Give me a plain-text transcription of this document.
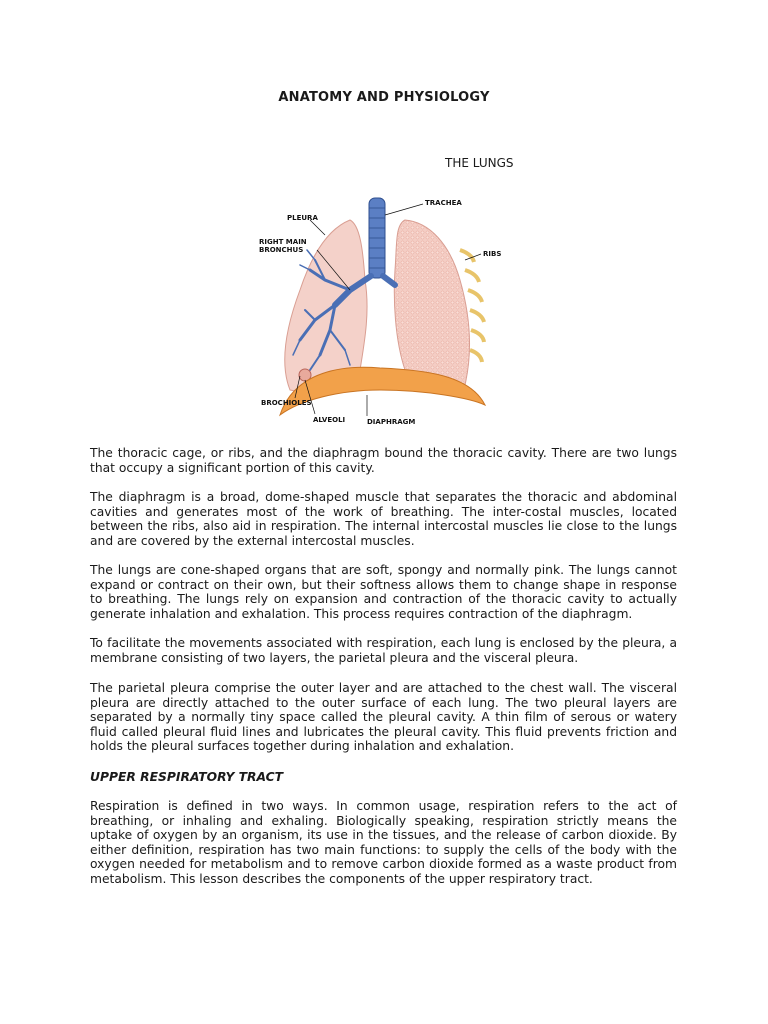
ANATOMY AND PHYSIOLOGY
THE LUNGS
TRACHEA
PLEURA
RIGHT MAIN
BRONCHUS	RIBS
BROCHIOLES
ALVEOLI	DIAPHRAGM
The thoracic cage, or ribs, and the diaphragm bound the thoracic cavity. There are two lungs that occupy a significant portion of this cavity.
The diaphragm is a broad, dome-shaped muscle that separates the thoracic and abdominal cavities and generates most of the work of breathing. The inter-costal muscles, located between the ribs, also aid in respiration. The internal intercostal muscles lie close to the lungs and are covered by the external intercostal muscles.
The lungs are cone-shaped organs that are soft, spongy and normally pink. The lungs cannot expand or contract on their own, but their softness allows them to change shape in response to breathing. The lungs rely on expansion and contraction of the thoracic cavity to actually generate inhalation and exhalation. This process requires contraction of the diaphragm.
To facilitate the movements associated with respiration, each lung is enclosed by the pleura, a membrane consisting of two layers, the parietal pleura and the visceral pleura.
The parietal pleura comprise the outer layer and are attached to the chest wall. The visceral pleura are directly attached to the outer surface of each lung. The two pleural layers are separated by a normally tiny space called the pleural cavity. A thin film of serous or watery fluid called pleural fluid lines and lubricates the pleural cavity. This fluid prevents friction and holds the pleural surfaces together during inhalation and exhalation.
UPPER RESPIRATORY TRACT
Respiration is defined in two ways. In common usage, respiration refers to the act of breathing, or inhaling and exhaling. Biologically speaking, respiration strictly means the uptake of oxygen by an organism, its use in the tissues, and the release of carbon dioxide. By either definition, respiration has two main functions: to supply the cells of the body with the oxygen needed for metabolism and to remove carbon dioxide formed as a waste product from metabolism. This lesson describes the components of the upper respiratory tract.
